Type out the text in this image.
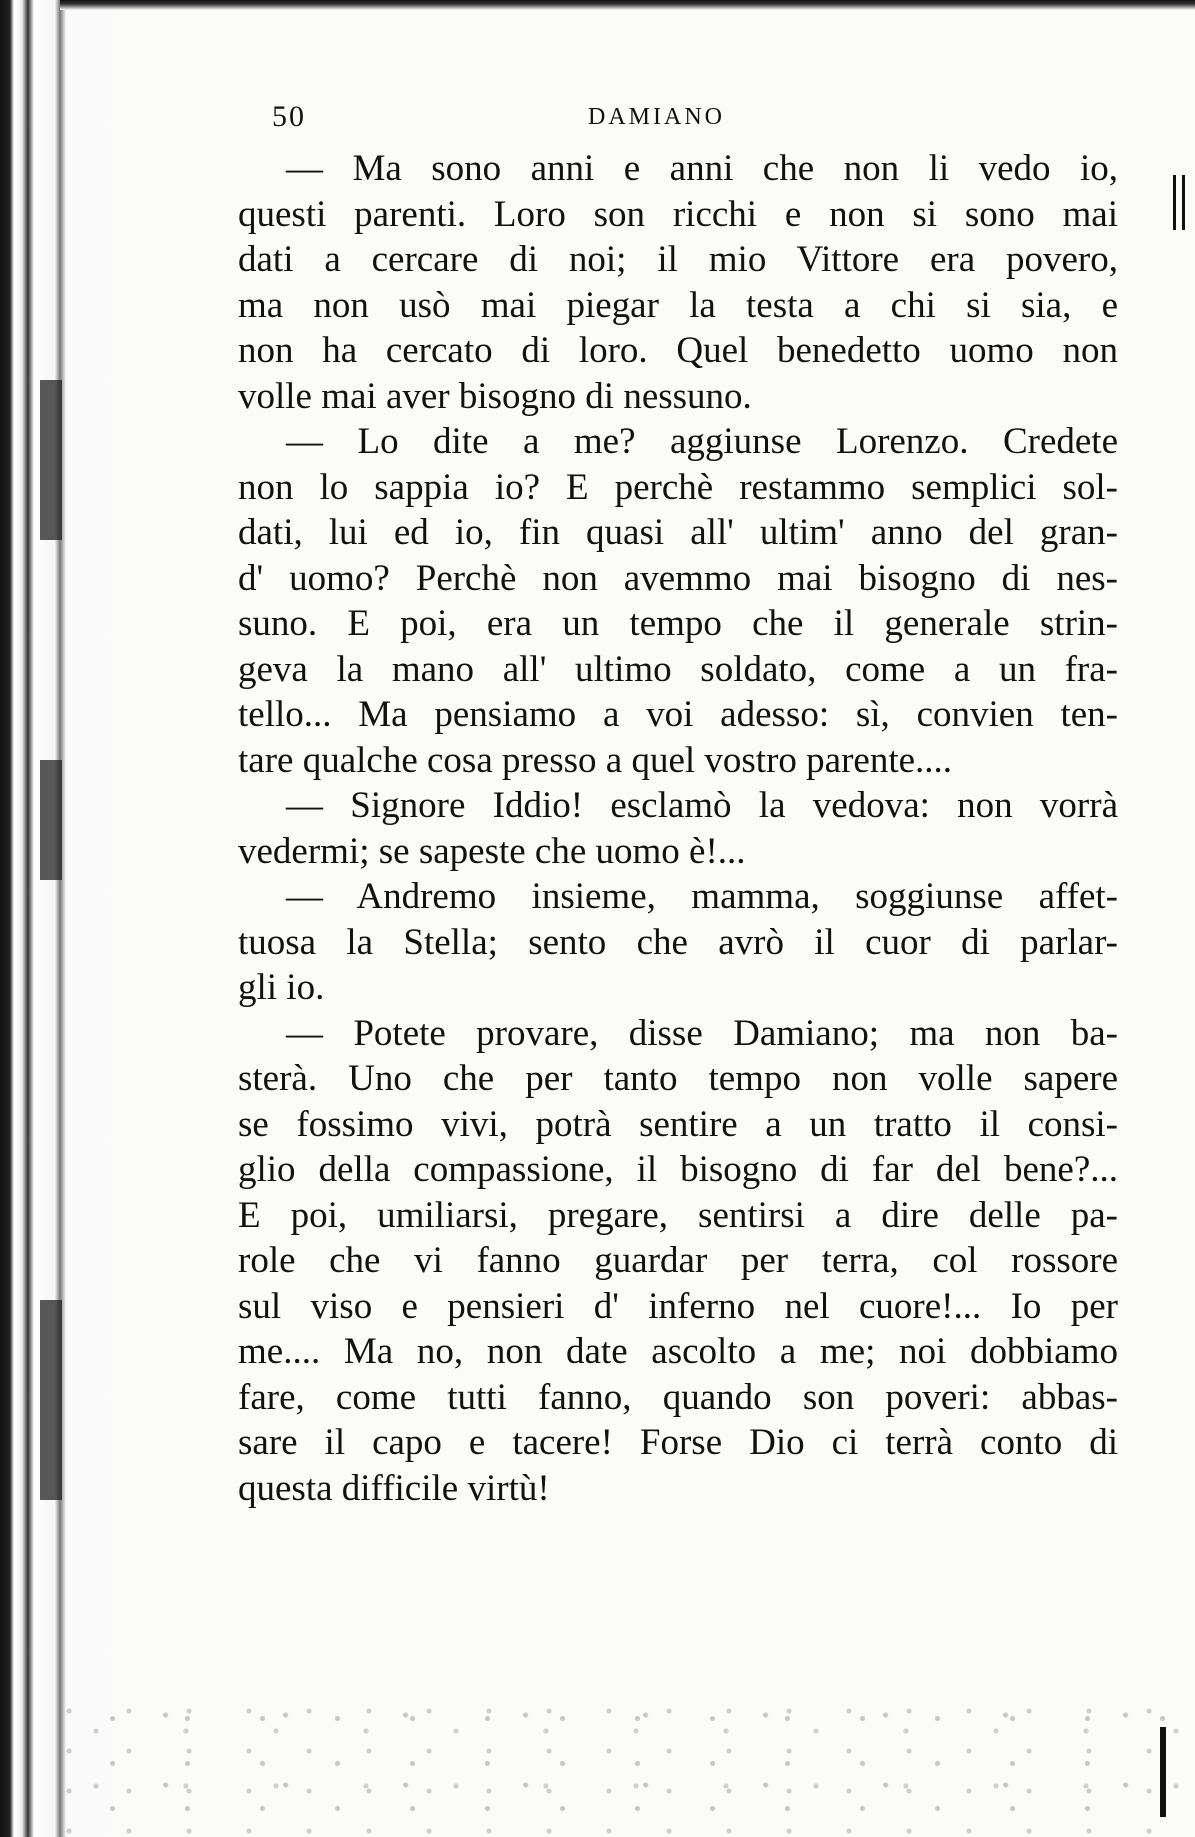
50	DAMIANO
— Ma sono anni e anni che non li vedo io,
questi parenti. Loro son ricchi e non si sono mai
dati a cercare di noi; il mio Vittore era povero,
ma non usò mai piegar la testa a chi si sia, e
non ha cercato di loro. Quel benedetto uomo non
volle mai aver bisogno di nessuno.
— Lo dite a me? aggiunse Lorenzo. Credete
non lo sappia io? E perchè restammo semplici sol-
dati, lui ed io, fin quasi all' ultim' anno del gran-
d' uomo? Perchè non avemmo mai bisogno di nes-
suno. E poi, era un tempo che il generale strin-
geva la mano all' ultimo soldato, come a un fra-
tello... Ma pensiamo a voi adesso: sì, convien ten-
tare qualche cosa presso a quel vostro parente....
— Signore Iddio! esclamò la vedova: non vorrà
vedermi; se sapeste che uomo è!...
— Andremo insieme, mamma, soggiunse affet-
tuosa la Stella; sento che avrò il cuor di parlar-
gli io.
— Potete provare, disse Damiano; ma non ba-
sterà. Uno che per tanto tempo non volle sapere
se fossimo vivi, potrà sentire a un tratto il consi-
glio della compassione, il bisogno di far del bene?...
E poi, umiliarsi, pregare, sentirsi a dire delle pa-
role che vi fanno guardar per terra, col rossore
sul viso e pensieri d' inferno nel cuore!... Io per
me.... Ma no, non date ascolto a me; noi dobbiamo
fare, come tutti fanno, quando son poveri: abbas-
sare il capo e tacere! Forse Dio ci terrà conto di
questa difficile virtù!
